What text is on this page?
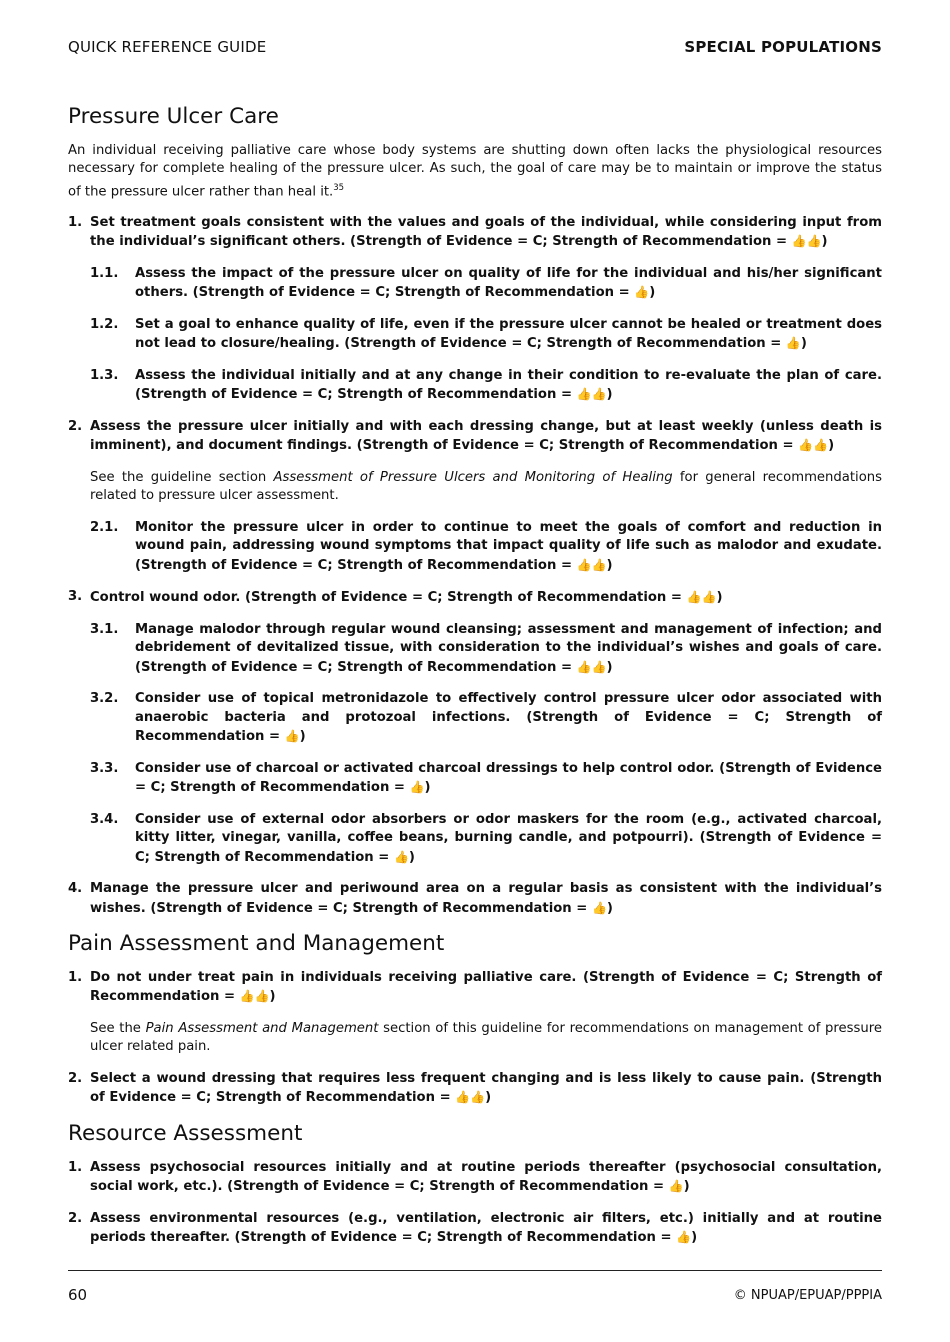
QUICK REFERENCE GUIDE	SPECIAL POPULATIONS
Pressure Ulcer Care

An individual receiving palliative care whose body systems are shutting down often lacks the physiological resources necessary for complete healing of the pressure ulcer. As such, the goal of care may be to maintain or improve the status of the pressure ulcer rather than heal it.$^{35}$

1. Set treatment goals consistent with the values and goals of the individual, while considering input from the individual’s significant others. (Strength of Evidence = C; Strength of Recommendation = 👍👍)
1.1. Assess the impact of the pressure ulcer on quality of life for the individual and his/her significant others. (Strength of Evidence = C; Strength of Recommendation = 👍)
1.2. Set a goal to enhance quality of life, even if the pressure ulcer cannot be healed or treatment does not lead to closure/healing. (Strength of Evidence = C; Strength of Recommendation = 👍)
1.3. Assess the individual initially and at any change in their condition to re-evaluate the plan of care. (Strength of Evidence = C; Strength of Recommendation = 👍👍)
2. Assess the pressure ulcer initially and with each dressing change, but at least weekly (unless death is imminent), and document findings. (Strength of Evidence = C; Strength of Recommendation = 👍👍)

See the guideline section Assessment of Pressure Ulcers and Monitoring of Healing for general recommendations related to pressure ulcer assessment.

2.1. Monitor the pressure ulcer in order to continue to meet the goals of comfort and reduction in wound pain, addressing wound symptoms that impact quality of life such as malodor and exudate. (Strength of Evidence = C; Strength of Recommendation = 👍👍)
3. Control wound odor. (Strength of Evidence = C; Strength of Recommendation = 👍👍)
3.1. Manage malodor through regular wound cleansing; assessment and management of infection; and debridement of devitalized tissue, with consideration to the individual’s wishes and goals of care. (Strength of Evidence = C; Strength of Recommendation = 👍👍)
3.2. Consider use of topical metronidazole to effectively control pressure ulcer odor associated with anaerobic bacteria and protozoal infections. (Strength of Evidence = C; Strength of Recommendation = 👍)
3.3. Consider use of charcoal or activated charcoal dressings to help control odor. (Strength of Evidence = C; Strength of Recommendation = 👍)
3.4. Consider use of external odor absorbers or odor maskers for the room (e.g., activated charcoal, kitty litter, vinegar, vanilla, coffee beans, burning candle, and potpourri). (Strength of Evidence = C; Strength of Recommendation = 👍)
4. Manage the pressure ulcer and periwound area on a regular basis as consistent with the individual’s wishes. (Strength of Evidence = C; Strength of Recommendation = 👍)
Pain Assessment and Management
1. Do not under treat pain in individuals receiving palliative care. (Strength of Evidence = C; Strength of Recommendation = 👍👍)

See the Pain Assessment and Management section of this guideline for recommendations on management of pressure ulcer related pain.

2. Select a wound dressing that requires less frequent changing and is less likely to cause pain. (Strength of Evidence = C; Strength of Recommendation = 👍👍)
Resource Assessment
1. Assess psychosocial resources initially and at routine periods thereafter (psychosocial consultation, social work, etc.). (Strength of Evidence = C; Strength of Recommendation = 👍)
2. Assess environmental resources (e.g., ventilation, electronic air filters, etc.) initially and at routine periods thereafter. (Strength of Evidence = C; Strength of Recommendation = 👍)
60	© NPUAP/EPUAP/PPPIA
